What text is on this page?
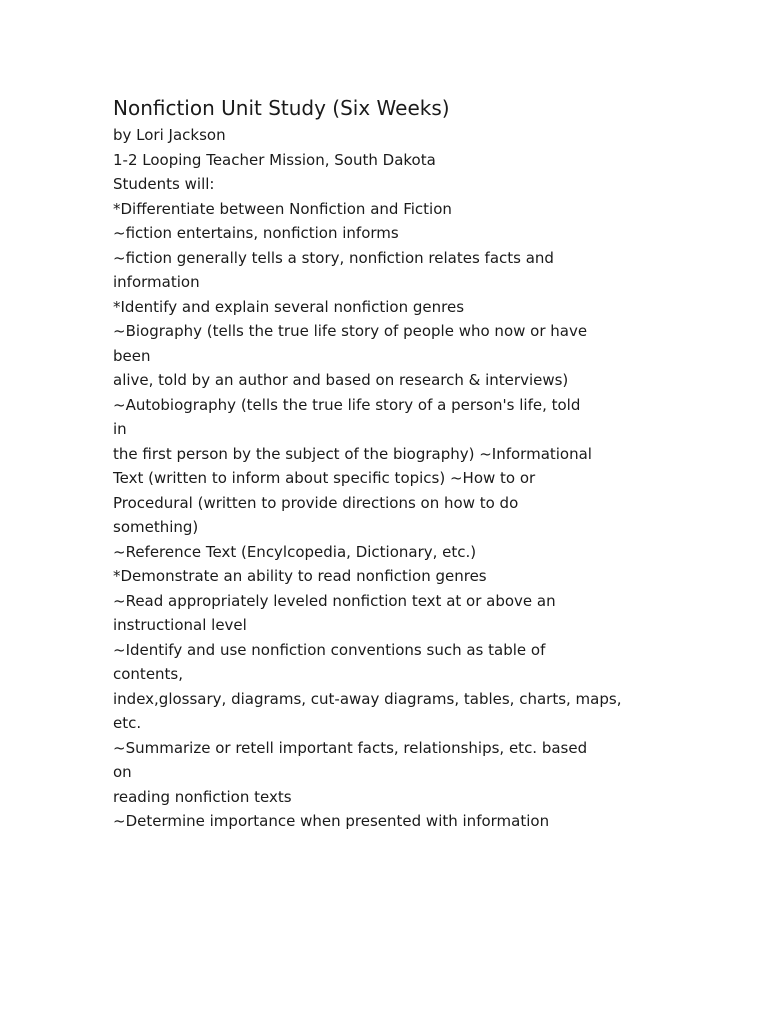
Nonfiction Unit Study (Six Weeks)
by Lori Jackson
1-2 Looping Teacher Mission, South Dakota
Students will:
*Differentiate between Nonfiction and Fiction
~fiction entertains, nonfiction informs
~fiction generally tells a story, nonfiction relates facts and
information
*Identify and explain several nonfiction genres
~Biography (tells the true life story of people who now or have
been
alive, told by an author and based on research & interviews)
~Autobiography (tells the true life story of a person's life, told
in
the first person by the subject of the biography) ~Informational
Text (written to inform about specific topics) ~How to or
Procedural (written to provide directions on how to do
something)
~Reference Text (Encylcopedia, Dictionary, etc.)
*Demonstrate an ability to read nonfiction genres
~Read appropriately leveled nonfiction text at or above an
instructional level
~Identify and use nonfiction conventions such as table of
contents,
index,glossary, diagrams, cut-away diagrams, tables, charts, maps,
etc.
~Summarize or retell important facts, relationships, etc. based
on
reading nonfiction texts
~Determine importance when presented with information
